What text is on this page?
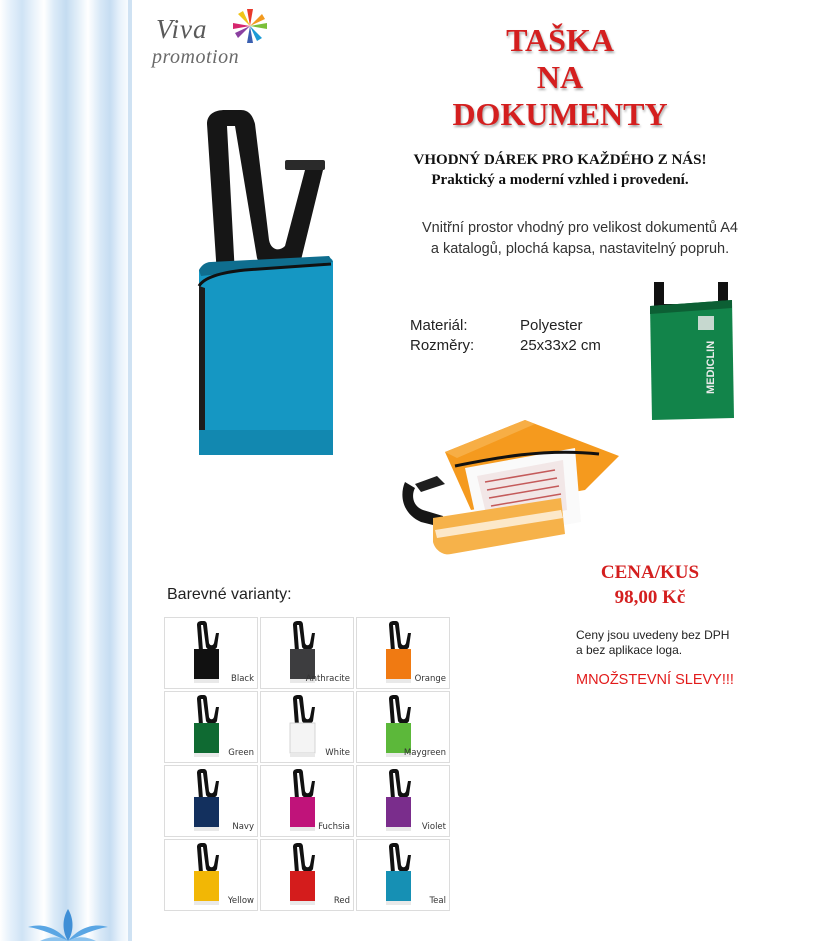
Viva
promotion	TAŠKA
NA
DOKUMENTY
VHODNÝ DÁREK PRO KAŽDÉHO Z NÁS!
Praktický a moderní vzhled i provedení.
Vnitřní prostor vhodný pro velikost dokumentů A4
a katalogů, plochá kapsa, nastavitelný popruh.
Materiál:	Polyester
Rozměry:	25x33x2 cm	MEDICLIN
CENA/KUS
98,00 Kč
Ceny jsou uvedeny bez DPH
a bez aplikace loga.
MNOŽSTEVNÍ SLEVY!!!
Barevné varianty:
Black	Anthracite	Orange
Green	White	Maygreen
Navy	Fuchsia	Violet
Yellow	Red	Teal
